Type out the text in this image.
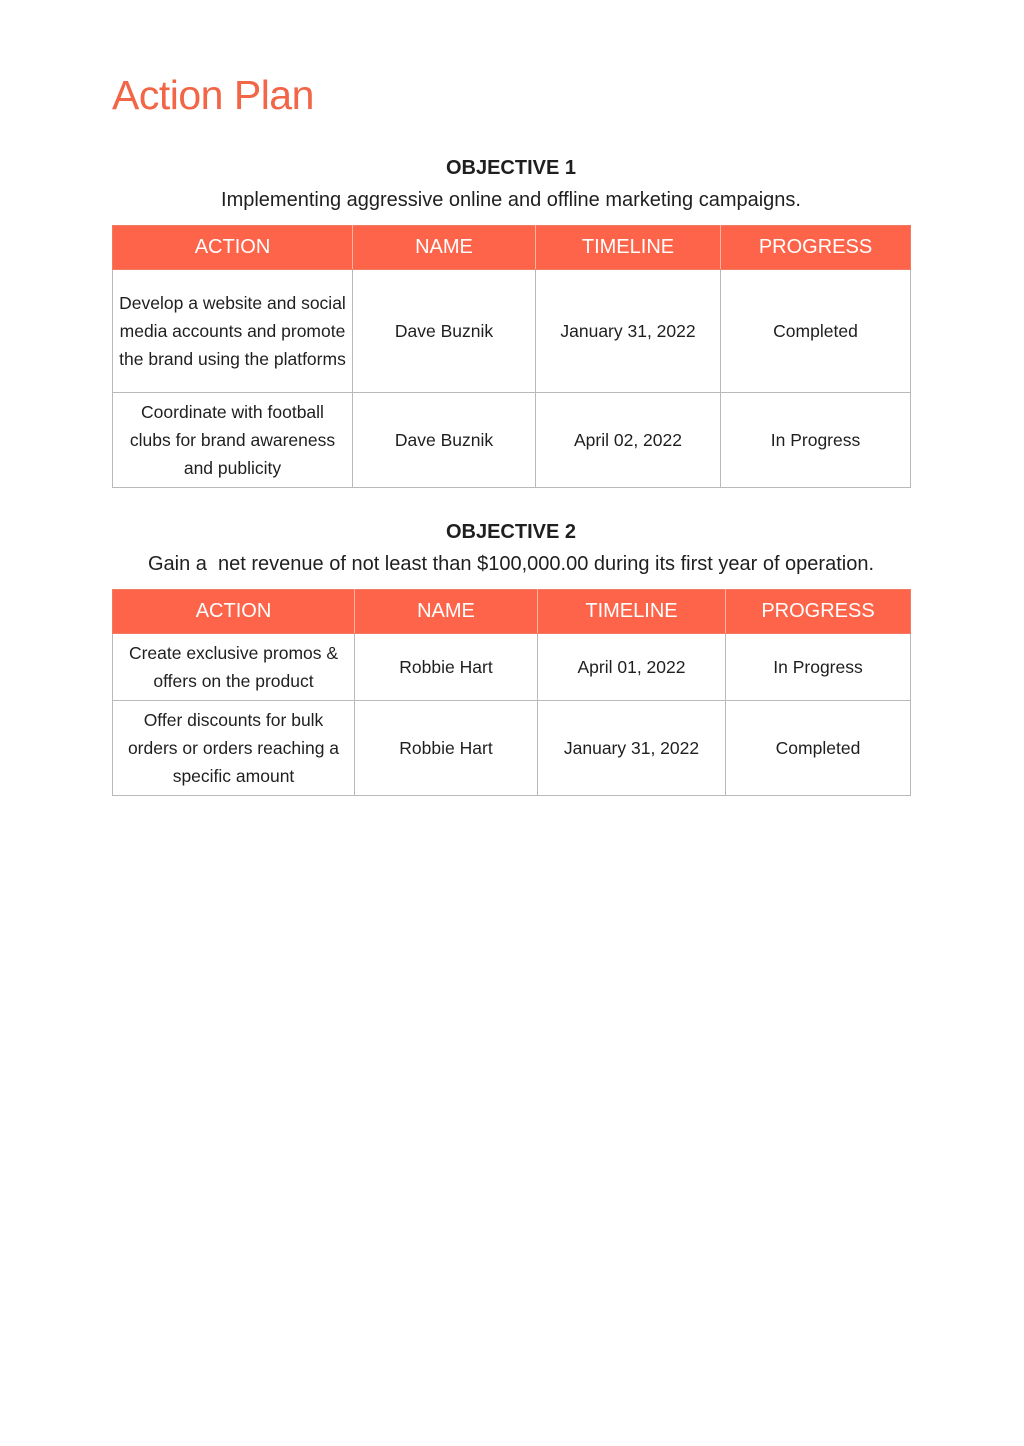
Action Plan
OBJECTIVE 1
Implementing aggressive online and offline marketing campaigns.
ACTION	NAME	TIMELINE	PROGRESS
Develop a website and social media accounts and promote the brand using the platforms	Dave Buznik	January 31, 2022	Completed
Coordinate with football clubs for brand awareness and publicity	Dave Buznik	April 02, 2022	In Progress
OBJECTIVE 2
Gain a  net revenue of not least than $100,000.00 during its first year of operation.
ACTION	NAME	TIMELINE	PROGRESS
Create exclusive promos & offers on the product	Robbie Hart	April 01, 2022	In Progress
Offer discounts for bulk orders or orders reaching a specific amount	Robbie Hart	January 31, 2022	Completed
